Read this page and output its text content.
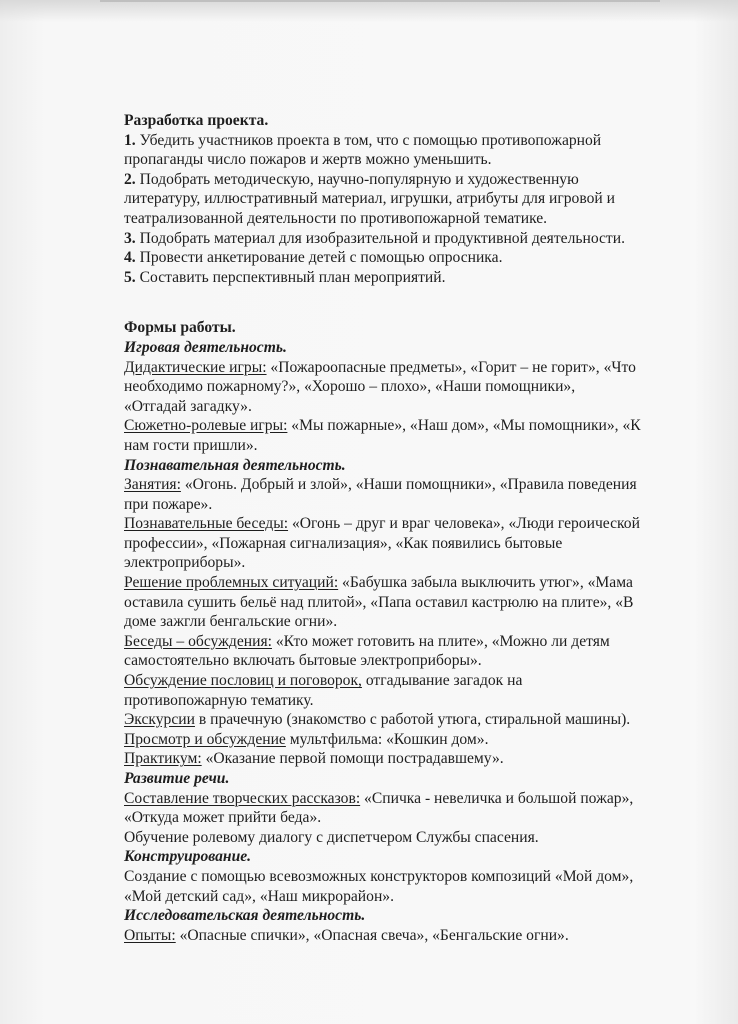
Разработка проекта.
1. Убедить участников проекта в том, что с помощью противопожарной
пропаганды число пожаров и жертв можно уменьшить.
2. Подобрать методическую, научно-популярную и художественную
литературу, иллюстративный материал, игрушки, атрибуты для игровой и
театрализованной деятельности по противопожарной тематике.
3. Подобрать материал для изобразительной и продуктивной деятельности.
4. Провести анкетирование детей с помощью опросника.
5. Составить перспективный план мероприятий.
Формы работы.
Игровая деятельность.
Дидактические игры: «Пожароопасные предметы», «Горит – не горит», «Что
необходимо пожарному?», «Хорошо – плохо», «Наши помощники»,
«Отгадай загадку».
Сюжетно-ролевые игры: «Мы пожарные», «Наш дом», «Мы помощники», «К
нам гости пришли».
Познавательная деятельность.
Занятия: «Огонь. Добрый и злой», «Наши помощники», «Правила поведения
при пожаре».
Познавательные беседы: «Огонь – друг и враг человека», «Люди героической
профессии», «Пожарная сигнализация», «Как появились бытовые
электроприборы».
Решение проблемных ситуаций: «Бабушка забыла выключить утюг», «Мама
оставила сушить бельё над плитой», «Папа оставил кастрюлю на плите», «В
доме зажгли бенгальские огни».
Беседы – обсуждения: «Кто может готовить на плите», «Можно ли детям
самостоятельно включать бытовые электроприборы».
Обсуждение пословиц и поговорок, отгадывание загадок на
противопожарную тематику.
Экскурсии в прачечную (знакомство с работой утюга, стиральной машины).
Просмотр и обсуждение мультфильма: «Кошкин дом».
Практикум: «Оказание первой помощи пострадавшему».
Развитие речи.
Составление творческих рассказов: «Спичка - невеличка и большой пожар»,
«Откуда может прийти беда».
Обучение ролевому диалогу с диспетчером Службы спасения.
Конструирование.
Создание с помощью всевозможных конструкторов композиций «Мой дом»,
«Мой детский сад», «Наш микрорайон».
Исследовательская деятельность.
Опыты: «Опасные спички», «Опасная свеча», «Бенгальские огни».
